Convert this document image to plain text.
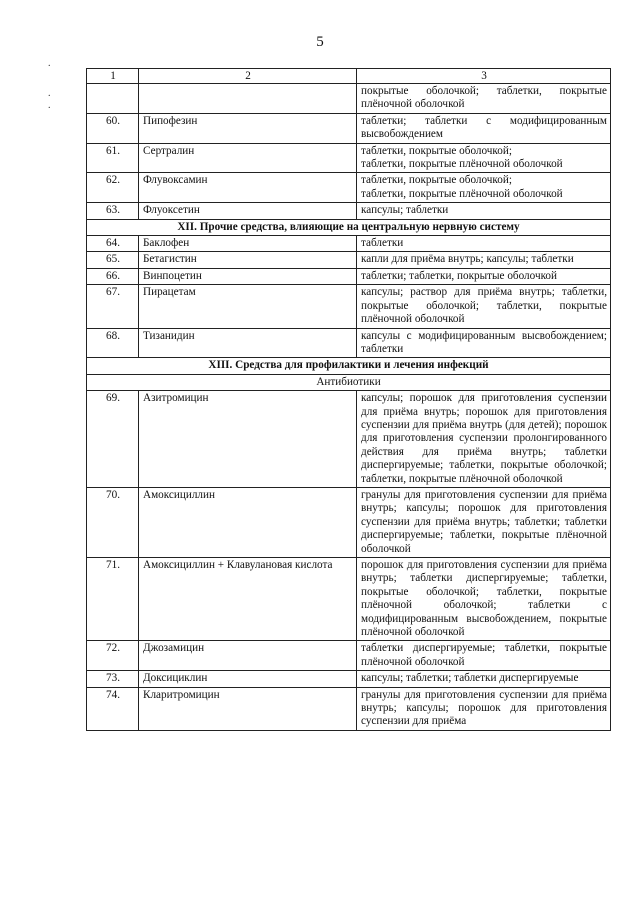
5
.
.
.
1	2	3
		покрытые оболочкой; таблетки, покрытые плёночной оболочкой
60.	Пипофезин	таблетки; таблетки с модифицированным высвобождением
61.	Сертралин	таблетки, покрытые оболочкой;
таблетки, покрытые плёночной оболочкой
62.	Флувоксамин	таблетки, покрытые оболочкой;
таблетки, покрытые плёночной оболочкой
63.	Флуоксетин	капсулы; таблетки
XII. Прочие средства, влияющие на центральную нервную систему		
64.	Баклофен	таблетки
65.	Бетагистин	капли для приёма внутрь; капсулы; таблетки
66.	Винпоцетин	таблетки; таблетки, покрытые оболочкой
67.	Пирацетам	капсулы; раствор для приёма внутрь; таблетки, покрытые оболочкой; таблетки, покрытые плёночной оболочкой
68.	Тизанидин	капсулы с модифицированным высвобождением; таблетки
XIII. Средства для профилактики и лечения инфекций		
Антибиотики		
69.	Азитромицин	капсулы; порошок для приготовления суспензии для приёма внутрь; порошок для приготовления суспензии для приёма внутрь (для детей); порошок для приготовления суспензии пролонгированного действия для приёма внутрь; таблетки диспергируемые; таблетки, покрытые оболочкой; таблетки, покрытые плёночной оболочкой
70.	Амоксициллин	гранулы для приготовления суспензии для приёма внутрь; капсулы; порошок для приготовления суспензии для приёма внутрь; таблетки; таблетки диспергируемые; таблетки, покрытые плёночной оболочкой
71.	Амоксициллин + Клавулановая кислота	порошок для приготовления суспензии для приёма внутрь; таблетки диспергируемые; таблетки, покрытые оболочкой; таблетки, покрытые плёночной оболочкой; таблетки с модифицированным высвобождением, покрытые плёночной оболочкой
72.	Джозамицин	таблетки диспергируемые; таблетки, покрытые плёночной оболочкой
73.	Доксициклин	капсулы; таблетки; таблетки диспергируемые
74.	Кларитромицин	гранулы для приготовления суспензии для приёма внутрь; капсулы; порошок для приготовления суспензии для приёма
